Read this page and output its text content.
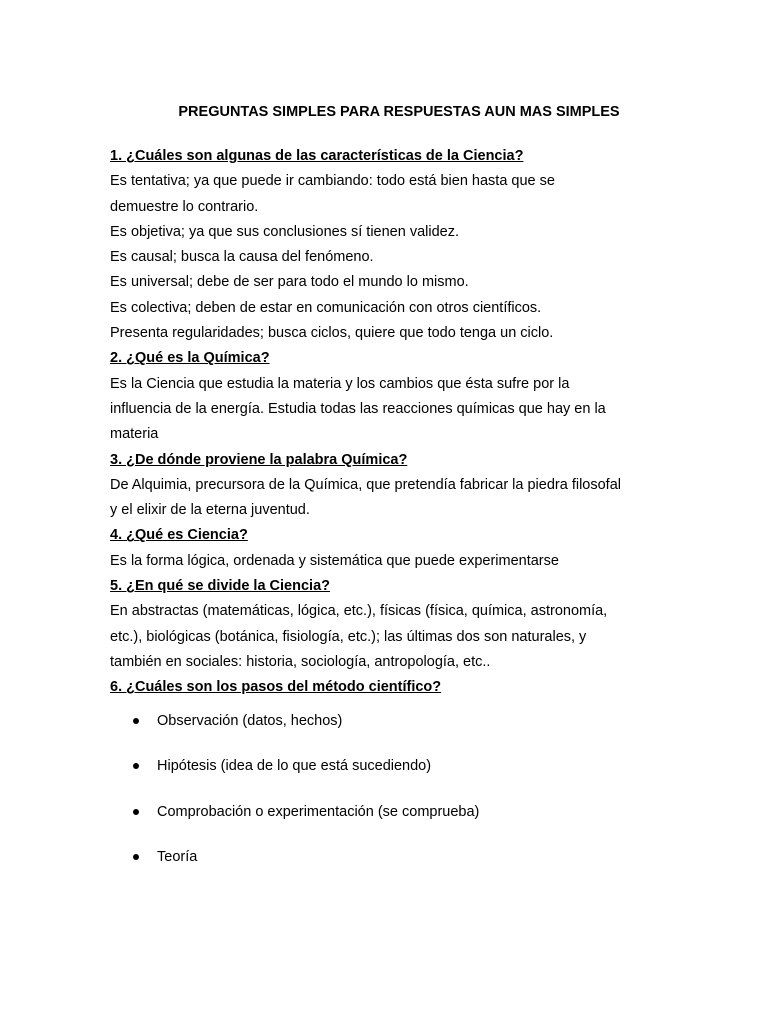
PREGUNTAS SIMPLES PARA RESPUESTAS AUN MAS SIMPLES
1. ¿Cuáles son algunas de las características de la Ciencia?
Es tentativa; ya que puede ir cambiando: todo está bien hasta que se
demuestre lo contrario.
Es objetiva; ya que sus conclusiones sí tienen validez.
Es causal; busca la causa del fenómeno.
Es universal; debe de ser para todo el mundo lo mismo.
Es colectiva; deben de estar en comunicación con otros científicos.
Presenta regularidades; busca ciclos, quiere que todo tenga un ciclo.
2. ¿Qué es la Química?
Es la Ciencia que estudia la materia y los cambios que ésta sufre por la
influencia de la energía. Estudia todas las reacciones químicas que hay en la
materia
3. ¿De dónde proviene la palabra Química?
De Alquimia, precursora de la Química, que pretendía fabricar la piedra filosofal
y el elixir de la eterna juventud.
4. ¿Qué es Ciencia?
Es la forma lógica, ordenada y sistemática que puede experimentarse
5. ¿En qué se divide la Ciencia?
En abstractas (matemáticas, lógica, etc.), físicas (física, química, astronomía,
etc.), biológicas (botánica, fisiología, etc.); las últimas dos son naturales, y
también en sociales: historia, sociología, antropología, etc..
6. ¿Cuáles son los pasos del método científico?
Observación (datos, hechos)
Hipótesis (idea de lo que está sucediendo)
Comprobación o experimentación (se comprueba)
Teoría
